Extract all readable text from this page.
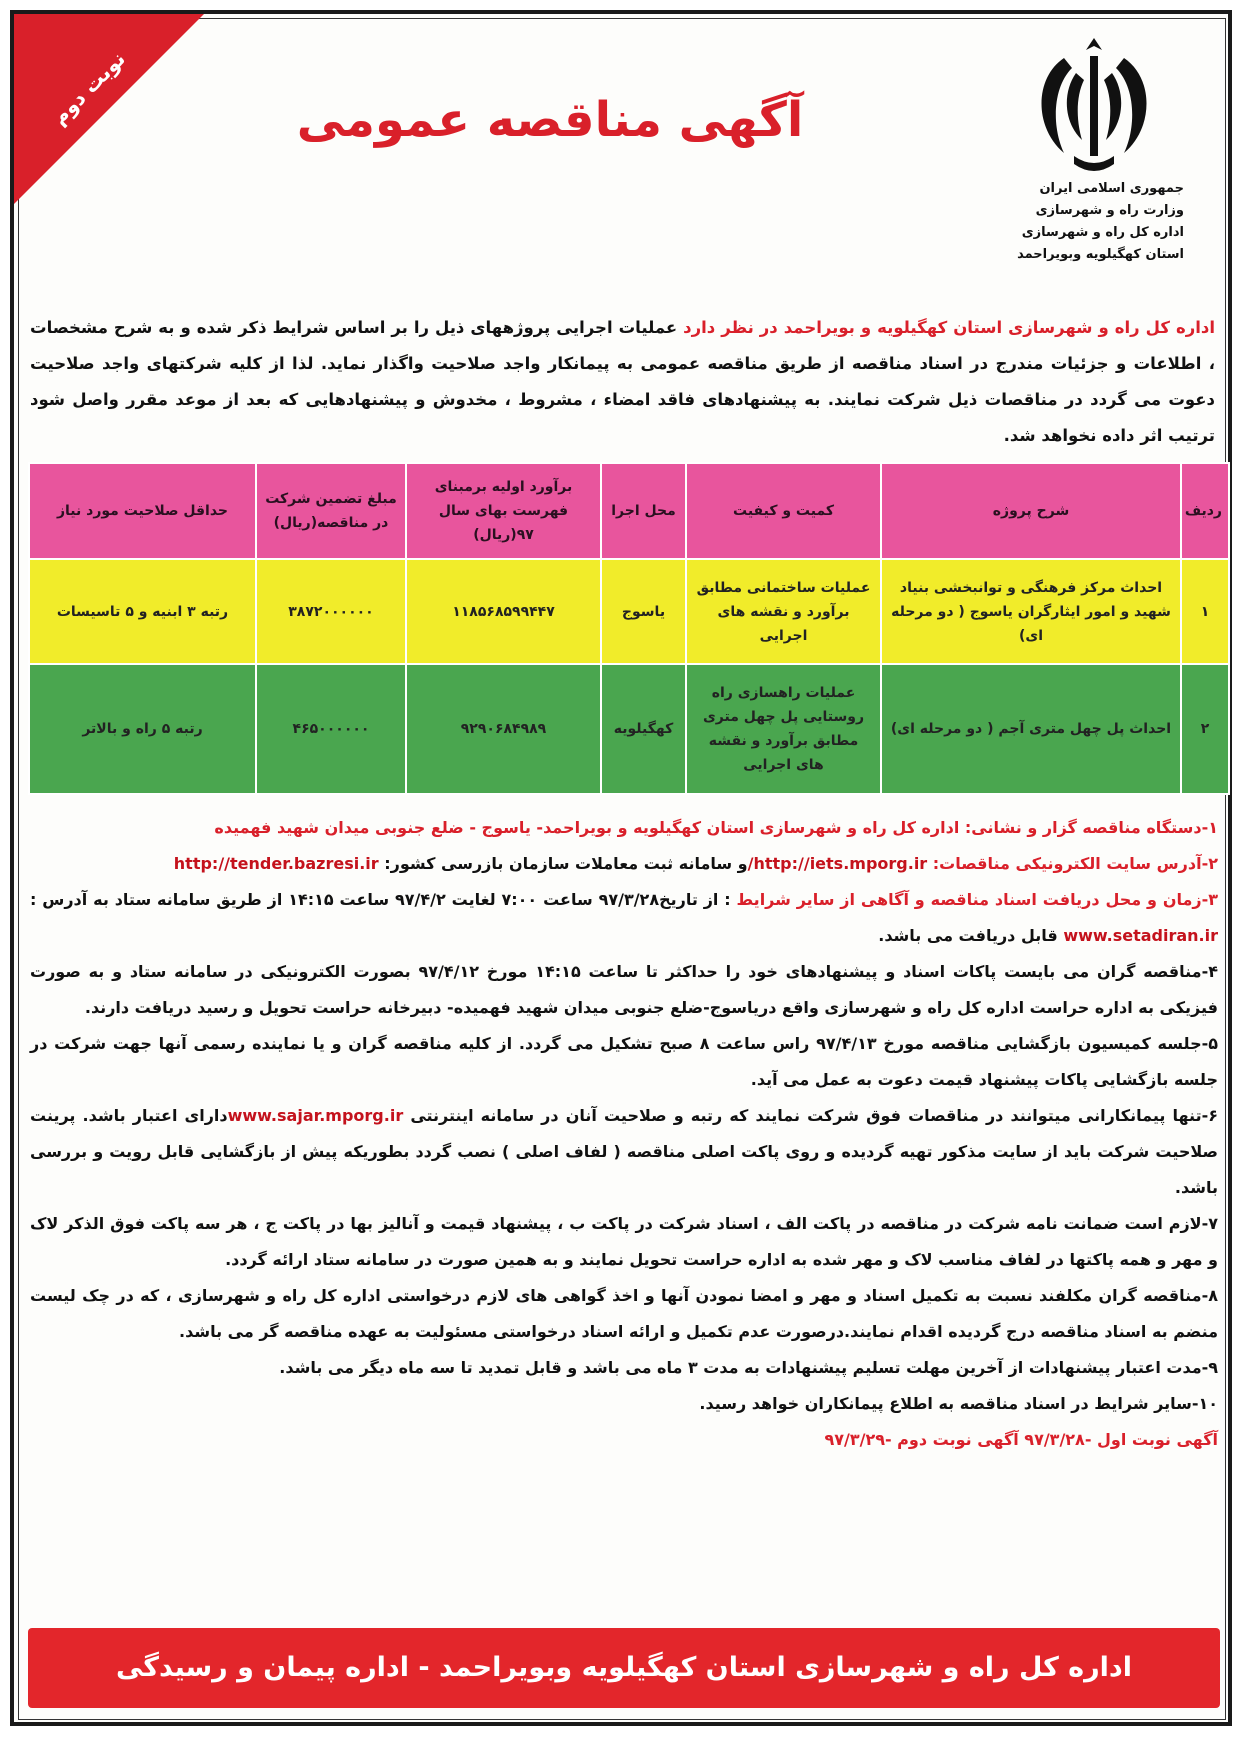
نوبت دوم	آگهی مناقصه عمومی
جمهوری اسلامی ایران
وزارت راه و شهرسازی
اداره کل راه و شهرسازی
استان کهگیلویه وبویراحمد
اداره کل راه و شهرسازی استان کهگیلویه و بویراحمد در نظر دارد عملیات اجرایی پروژههای ذیل را بر اساس شرایط ذکر شده و به شرح مشخصات ، اطلاعات و جزئیات مندرج در اسناد مناقصه از طریق مناقصه عمومی به پیمانکار واجد صلاحیت واگذار نماید. لذا از کلیه شرکتهای واجد صلاحیت دعوت می گردد در مناقصات ذیل شرکت نمایند. به پیشنهادهای فاقد امضاء ، مشروط ، مخدوش و پیشنهادهایی که بعد از موعد مقرر واصل شود ترتیب اثر داده نخواهد شد.
ردیف	شرح پروژه	کمیت و کیفیت	محل اجرا	برآورد اولیه برمبنای فهرست بهای سال ۹۷(ریال)	مبلغ تضمین شرکت در مناقصه(ریال)	حداقل صلاحیت مورد نیاز
۱	احداث مرکز فرهنگی و توانبخشی بنیاد شهید و امور ایثارگران یاسوج ( دو مرحله ای)	عملیات ساختمانی مطابق برآورد و نقشه های اجرایی	یاسوج	۱۱۸۵۶۸۵۹۹۴۴۷	۳۸۷۲۰۰۰۰۰۰	رتبه ۳ ابنیه و ۵ تاسیسات
۲	احداث پل چهل متری آجم ( دو مرحله ای)	عملیات راهسازی راه روستایی پل چهل متری مطابق برآورد و نقشه های اجرایی	کهگیلویه	۹۲۹۰۶۸۴۹۸۹	۴۶۵۰۰۰۰۰۰	رتبه ۵ راه و بالاتر

۱-دستگاه مناقصه گزار و نشانی: اداره کل راه و شهرسازی استان کهگیلویه و بویراحمد- یاسوج - ضلع جنوبی میدان شهید فهمیده

۲-آدرس سایت الکترونیکی مناقصات: http://iets.mporg.ir/و سامانه ثبت معاملات سازمان بازرسی کشور: http://tender.bazresi.ir

۳-زمان و محل دریافت اسناد مناقصه و آگاهی از سایر شرایط : از تاریخ۹۷/۳/۲۸ ساعت ۷:۰۰ لغایت ۹۷/۴/۲ ساعت ۱۴:۱۵ از طریق سامانه ستاد به آدرس : www.setadiran.ir قابل دریافت می باشد.

۴-مناقصه گران می بایست پاکات اسناد و پیشنهادهای خود را حداکثر تا ساعت ۱۴:۱۵ مورخ ۹۷/۴/۱۲ بصورت الکترونیکی در سامانه ستاد و به صورت فیزیکی به اداره حراست اداره کل راه و شهرسازی واقع دریاسوج-ضلع جنوبی میدان شهید فهمیده- دبیرخانه حراست تحویل و رسید دریافت دارند.

۵-جلسه کمیسیون بازگشایی مناقصه مورخ ۹۷/۴/۱۳ راس ساعت ۸ صبح تشکیل می گردد. از کلیه مناقصه گران و یا نماینده رسمی آنها جهت شرکت در جلسه بازگشایی پاکات پیشنهاد قیمت دعوت به عمل می آید.

۶-تنها پیمانکارانی میتوانند در مناقصات فوق شرکت نمایند که رتبه و صلاحیت آنان در سامانه اینترنتی www.sajar.mporg.irدارای اعتبار باشد. پرینت صلاحیت شرکت باید از سایت مذکور تهیه گردیده و روی پاکت اصلی مناقصه ( لفاف اصلی ) نصب گردد بطوریکه پیش از بازگشایی قابل رویت و بررسی باشد.

۷-لازم است ضمانت نامه شرکت در مناقصه در پاکت الف ، اسناد شرکت در پاکت ب ، پیشنهاد قیمت و آنالیز بها در پاکت ج ، هر سه پاکت فوق الذکر لاک و مهر و همه پاکتها در لفاف مناسب لاک و مهر شده به اداره حراست تحویل نمایند و به همین صورت در سامانه ستاد ارائه گردد.

۸-مناقصه گران مکلفند نسبت به تکمیل اسناد و مهر و امضا نمودن آنها و اخذ گواهی های لازم درخواستی اداره کل راه و شهرسازی ، که در چک لیست منضم به اسناد مناقصه درج گردیده اقدام نمایند.درصورت عدم تکمیل و ارائه اسناد درخواستی مسئولیت به عهده مناقصه گر می باشد.

۹-مدت اعتبار پیشنهادات از آخرین مهلت تسلیم پیشنهادات به مدت ۳ ماه می باشد و قابل تمدید تا سه ماه دیگر می باشد.

۱۰-سایر شرایط در اسناد مناقصه به اطلاع پیمانکاران خواهد رسید.

آگهی نوبت اول -۹۷/۳/۲۸ آگهی نوبت دوم -۹۷/۳/۲۹

اداره کل راه و شهرسازی استان کهگیلویه وبویراحمد - اداره پیمان و رسیدگی
